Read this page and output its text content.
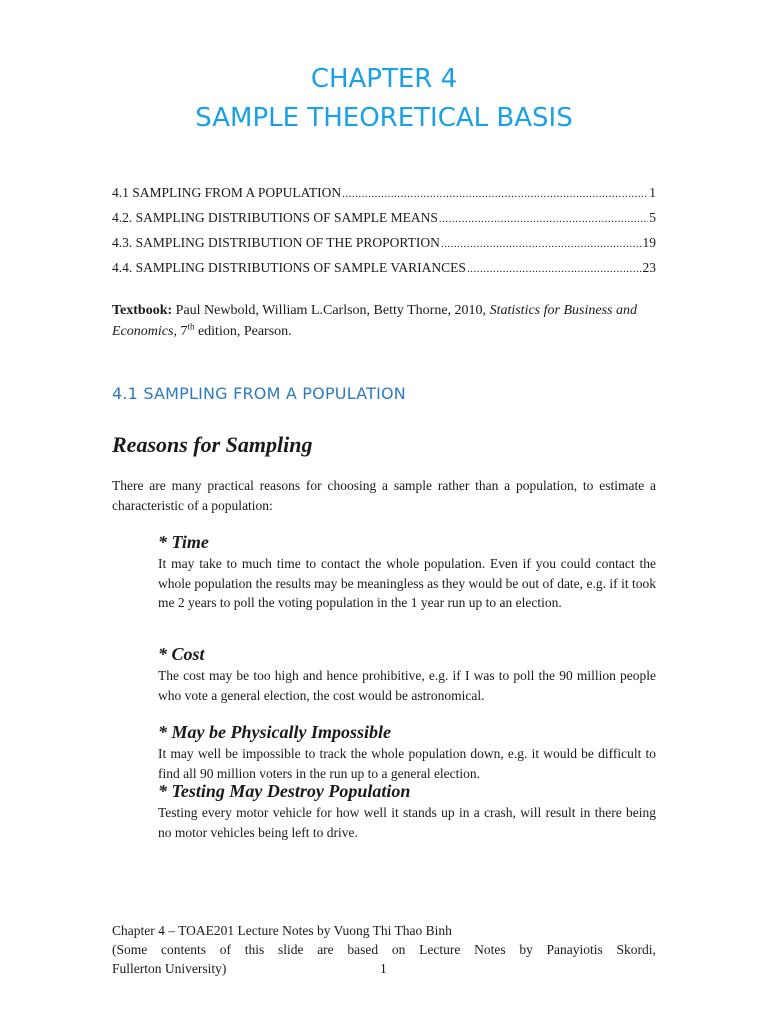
CHAPTER 4
SAMPLE THEORETICAL BASIS
4.1 SAMPLING FROM A POPULATION .....	1
4.2. SAMPLING DISTRIBUTIONS OF SAMPLE MEANS .....	5
4.3. SAMPLING DISTRIBUTION OF THE PROPORTION .....	19
4.4. SAMPLING DISTRIBUTIONS OF SAMPLE VARIANCES .....	23

Textbook: Paul Newbold, William L.Carlson, Betty Thorne, 2010, Statistics for Business and Economics, 7th edition, Pearson.

4.1 SAMPLING FROM A POPULATION
Reasons for Sampling

There are many practical reasons for choosing a sample rather than a population, to estimate a characteristic of a population:

* Time

It may take to much time to contact the whole population. Even if you could contact the whole population the results may be meaningless as they would be out of date, e.g. if it took me 2 years to poll the voting population in the 1 year run up to an election.

* Cost

The cost may be too high and hence prohibitive, e.g. if I was to poll the 90 million people who vote a general election, the cost would be astronomical.

* May be Physically Impossible

It may well be impossible to track the whole population down, e.g. it would be difficult to find all 90 million voters in the run up to a general election.

* Testing May Destroy Population

Testing every motor vehicle for how well it stands up in a crash, will result in there being no motor vehicles being left to drive.

Chapter 4 – TOAE201 Lecture Notes by Vuong Thi Thao Binh
(Some contents of this slide are based on Lecture Notes by Panayiotis Skordi,
Fullerton University)	1
